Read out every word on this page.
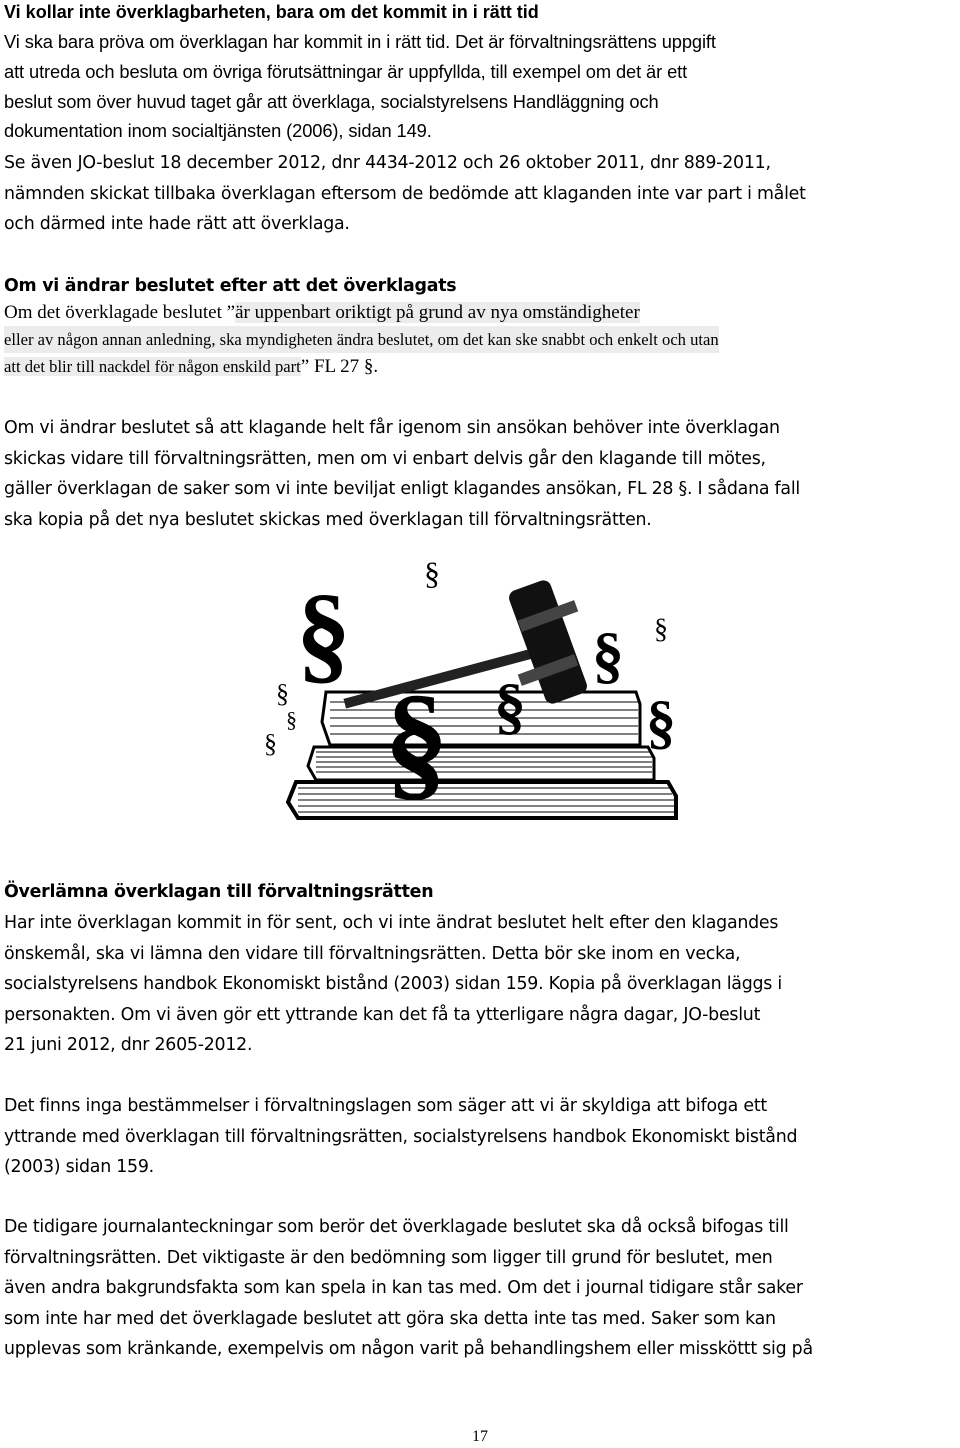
Vi kollar inte överklagbarheten, bara om det kommit in i rätt tid
Vi ska bara pröva om överklagan har kommit in i rätt tid. Det är förvaltningsrättens uppgift
att utreda och besluta om övriga förutsättningar är uppfyllda, till exempel om det är ett
beslut som över huvud taget går att överklaga, socialstyrelsens Handläggning och
dokumentation inom socialtjänsten (2006), sidan 149.
Se även JO-beslut 18 december 2012, dnr 4434-2012 och 26 oktober 2011, dnr 889-2011,
nämnden skickat tillbaka överklagan eftersom de bedömde att klaganden inte var part i målet
och därmed inte hade rätt att överklaga.
Om vi ändrar beslutet efter att det överklagats
Om det överklagade beslutet ”är uppenbart oriktigt på grund av nya omständigheter
eller av någon annan anledning, ska myndigheten ändra beslutet, om det kan ske snabbt och enkelt och utan
att det blir till nackdel för någon enskild part” FL 27 §.
Om vi ändrar beslutet så att klagande helt får igenom sin ansökan behöver inte överklagan
skickas vidare till förvaltningsrätten, men om vi enbart delvis går den klagande till mötes,
gäller överklagan de saker som vi inte beviljat enligt klagandes ansökan, FL 28 §. I sådana fall
ska kopia på det nya beslutet skickas med överklagan till förvaltningsrätten.
§
§ §
§
§
§
§
§
§
§
Överlämna överklagan till förvaltningsrätten
Har inte överklagan kommit in för sent, och vi inte ändrat beslutet helt efter den klagandes
önskemål, ska vi lämna den vidare till förvaltningsrätten. Detta bör ske inom en vecka,
socialstyrelsens handbok Ekonomiskt bistånd (2003) sidan 159. Kopia på överklagan läggs i
personakten. Om vi även gör ett yttrande kan det få ta ytterligare några dagar, JO-beslut
21 juni 2012, dnr 2605-2012.
Det finns inga bestämmelser i förvaltningslagen som säger att vi är skyldiga att bifoga ett
yttrande med överklagan till förvaltningsrätten, socialstyrelsens handbok Ekonomiskt bistånd
(2003) sidan 159.
De tidigare journalanteckningar som berör det överklagade beslutet ska då också bifogas till
förvaltningsrätten. Det viktigaste är den bedömning som ligger till grund för beslutet, men
även andra bakgrundsfakta som kan spela in kan tas med. Om det i journal tidigare står saker
som inte har med det överklagade beslutet att göra ska detta inte tas med. Saker som kan
upplevas som kränkande, exempelvis om någon varit på behandlingshem eller missköttt sig på
17
